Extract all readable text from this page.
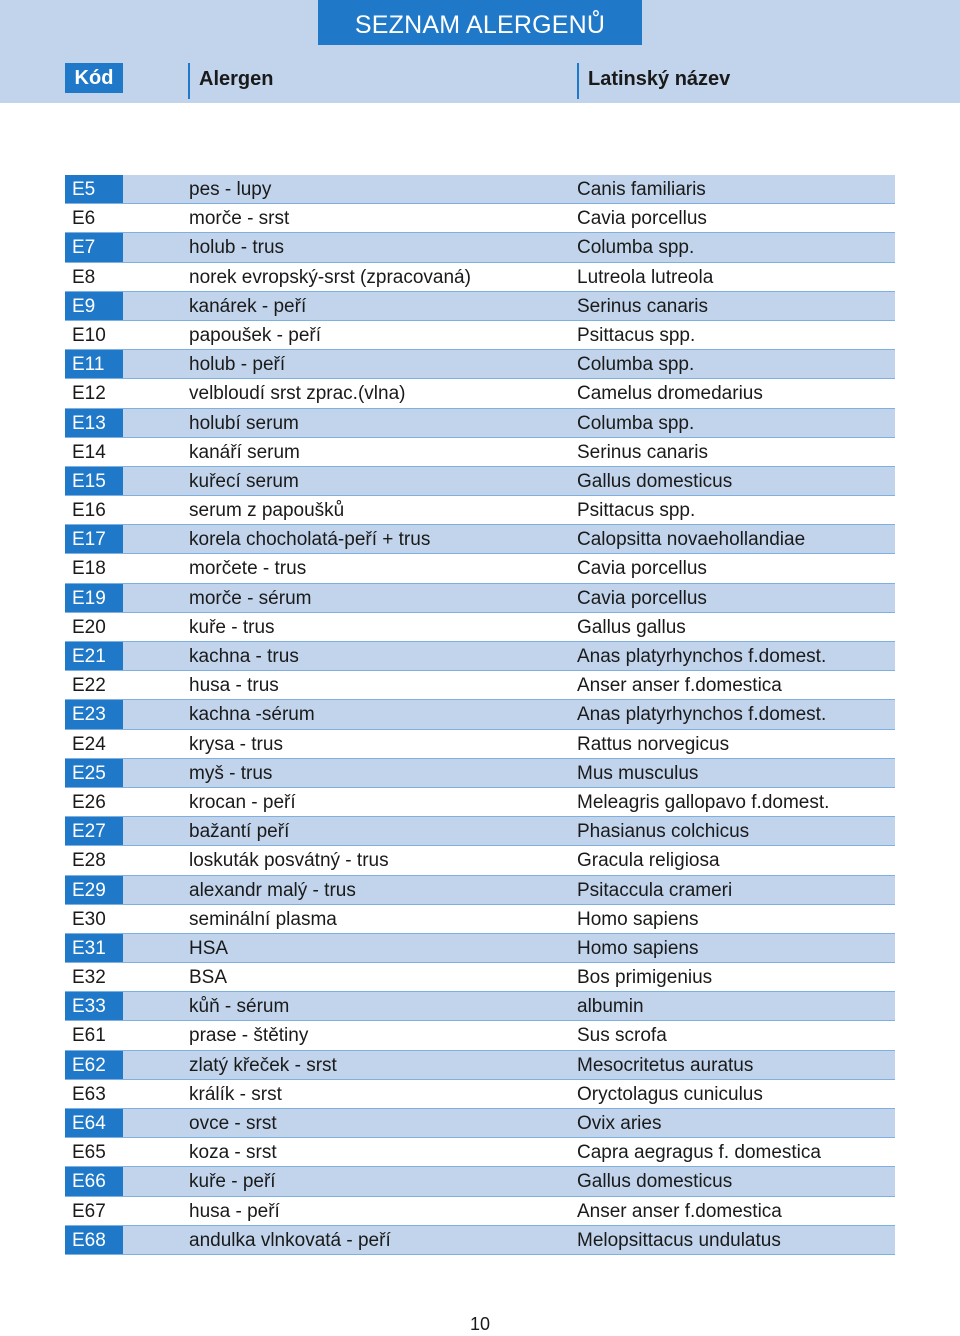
SEZNAM ALERGENŮ
Kód	Alergen	Latinský název
E5	pes - lupy	Canis familiaris
E6	morče - srst	Cavia porcellus
E7	holub - trus	Columba spp.
E8	norek evropský-srst (zpracovaná)	Lutreola lutreola
E9	kanárek - peří	Serinus canaris
E10	papoušek - peří	Psittacus spp.
E11	holub - peří	Columba spp.
E12	velbloudí srst zprac.(vlna)	Camelus dromedarius
E13	holubí serum	Columba spp.
E14	kanáří serum	Serinus canaris
E15	kuřecí serum	Gallus domesticus
E16	serum z papoušků	Psittacus spp.
E17	korela chocholatá-peří + trus	Calopsitta novaehollandiae
E18	morčete - trus	Cavia porcellus
E19	morče - sérum	Cavia porcellus
E20	kuře - trus	Gallus gallus
E21	kachna - trus	Anas platyrhynchos f.domest.
E22	husa - trus	Anser anser f.domestica
E23	kachna -sérum	Anas platyrhynchos f.domest.
E24	krysa - trus	Rattus norvegicus
E25	myš - trus	Mus musculus
E26	krocan - peří	Meleagris gallopavo f.domest.
E27	bažantí peří	Phasianus colchicus
E28	loskuták posvátný - trus	Gracula religiosa
E29	alexandr malý - trus	Psitaccula crameri
E30	seminální plasma	Homo sapiens
E31	HSA	Homo sapiens
E32	BSA	Bos primigenius
E33	kůň - sérum	albumin
E61	prase - štětiny	Sus scrofa
E62	zlatý křeček - srst	Mesocritetus auratus
E63	králík - srst	Oryctolagus cuniculus
E64	ovce - srst	Ovix aries
E65	koza - srst	Capra aegragus f. domestica
E66	kuře - peří	Gallus domesticus
E67	husa - peří	Anser anser f.domestica
E68	andulka vlnkovatá - peří	Melopsittacus undulatus
10
